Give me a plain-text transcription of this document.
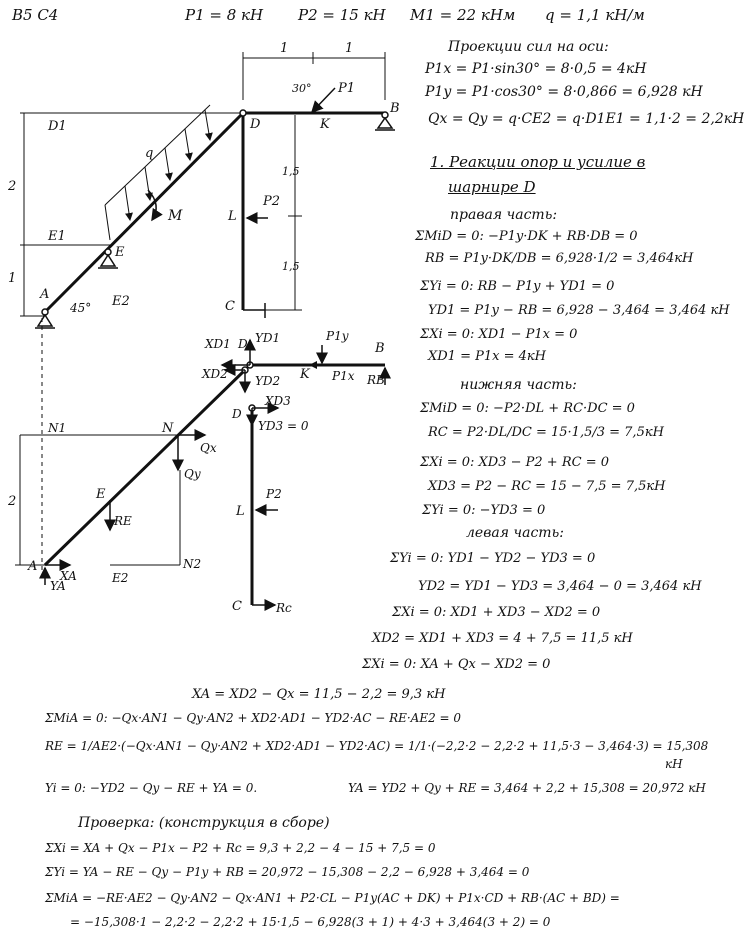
B5 C4	P1 = 8 кН P2 = 15 кН M1 = 22 кНм q = 1,1 кН/м
Проекции сил на оси:
P1x = P1·sin30° = 8·0,5 = 4кН
P1y = P1·cos30° = 8·0,866 = 6,928 кН
Qx = Qy = q·CE2 = q·D1E1 = 1,1·2 = 2,2кН
1. Реакции опор и усилие в
шарнире D
правая часть:
ΣMiD = 0: −P1y·DK + RB·DB = 0
RB = P1y·DK/DB = 6,928·1/2 = 3,464кН
ΣYi = 0: RB − P1y + YD1 = 0
YD1 = P1y − RB = 6,928 − 3,464 = 3,464 кН
ΣXi = 0: XD1 − P1x = 0
XD1 = P1x = 4кН
нижняя часть:
ΣMiD = 0: −P2·DL + RC·DC = 0
RC = P2·DL/DC = 15·1,5/3 = 7,5кН
ΣXi = 0: XD3 − P2 + RC = 0
XD3 = P2 − RC = 15 − 7,5 = 7,5кН
ΣYi = 0: −YD3 = 0
левая часть:
ΣYi = 0: YD1 − YD2 − YD3 = 0
YD2 = YD1 − YD3 = 3,464 − 0 = 3,464 кН
ΣXi = 0: XD1 + XD3 − XD2 = 0
XD2 = XD1 + XD3 = 4 + 7,5 = 11,5 кН
ΣXi = 0: XA + Qx − XD2 = 0
XA = XD2 − Qx = 11,5 − 2,2 = 9,3 кН
ΣMiA = 0: −Qx·AN1 − Qy·AN2 + XD2·AD1 − YD2·AC − RE·AE2 = 0
RE = 1/AE2·(−Qx·AN1 − Qy·AN2 + XD2·AD1 − YD2·AC) = 1/1·(−2,2·2 − 2,2·2 + 11,5·3 − 3,464·3) = 15,308
кН
Yi = 0: −YD2 − Qy − RE + YA = 0.	YA = YD2 + Qy + RE = 3,464 + 2,2 + 15,308 = 20,972 кН
Проверка: (конструкция в сборе)
ΣXi = XA + Qx − P1x − P2 + Rc = 9,3 + 2,2 − 4 − 15 + 7,5 = 0
ΣYi = YA − RE − Qy − P1y + RB = 20,972 − 15,308 − 2,2 − 6,928 + 3,464 = 0
ΣMiA = −RE·AE2 − Qy·AN2 − Qx·AN1 + P2·CL − P1y(AC + DK) + P1x·CD + RB·(AC + BD) =
= −15,308·1 − 2,2·2 − 2,2·2 + 15·1,5 − 6,928(3 + 1) + 4·3 + 3,464(3 + 2) = 0
1	1
30° P1
D	K
B
D1
q
2
E1
E
M	L
P2
1,5
1,5
1
A
45° E2	C
XD1 YD1
D
XD2 YD2
P1y
K P1x
B
RB
XD3
YD3 = 0
D
N1	N
Qx
Qy
E
RE
2
L
P2
A
XA
YA
E2
N2
C	Rc
